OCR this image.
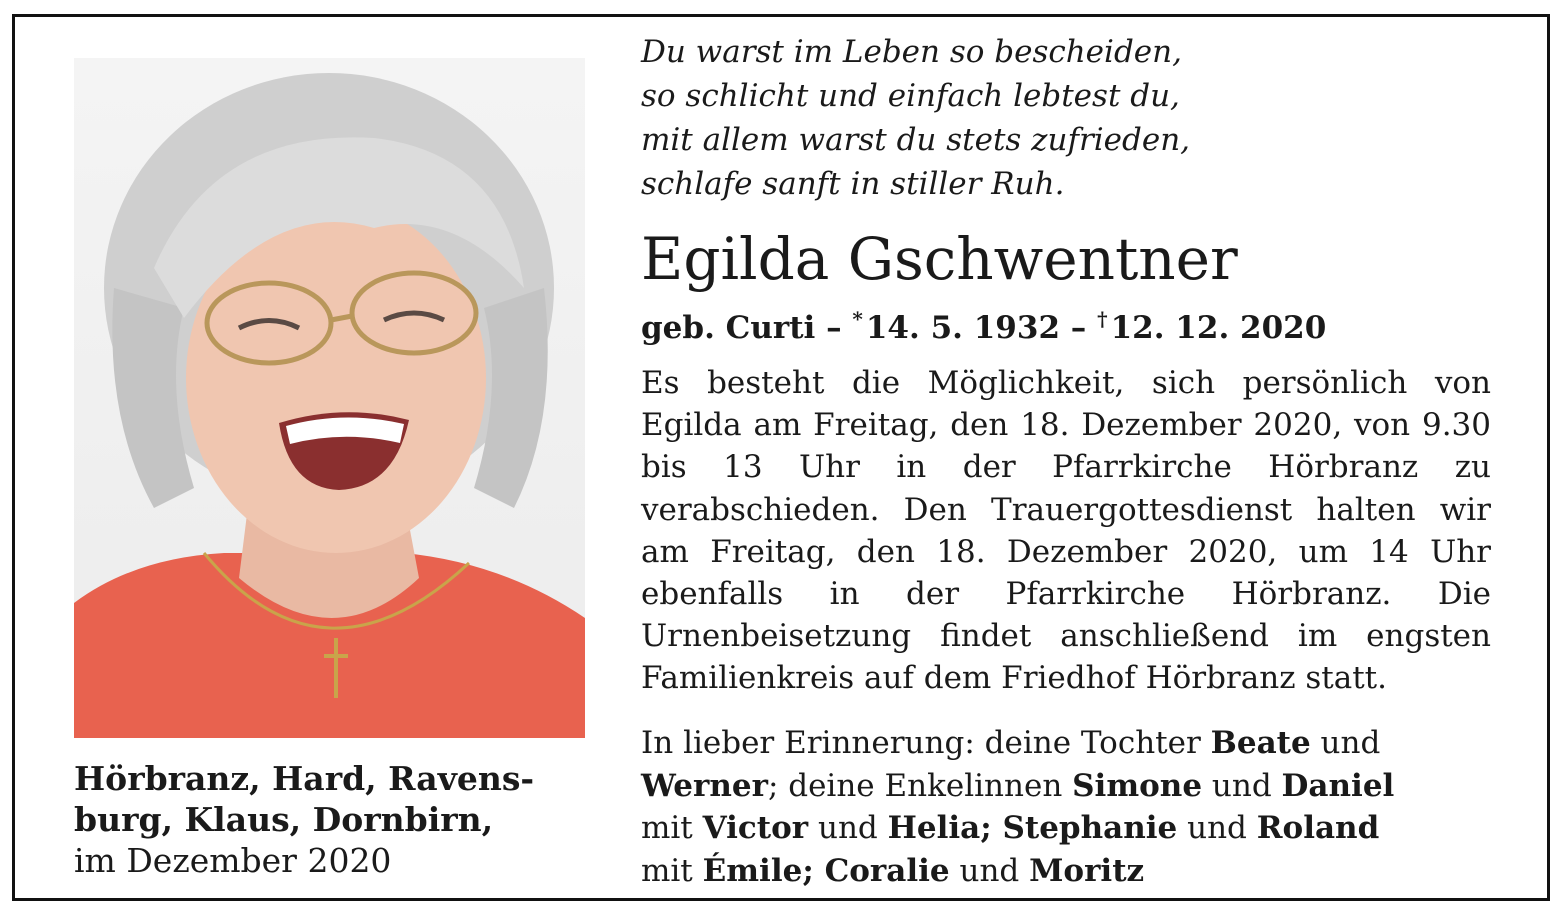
Hörbranz, Hard, Ravens-
burg, Klaus, Dornbirn,
im Dezember 2020
Du warst im Leben so bescheiden,
so schlicht und einfach lebtest du,
mit allem warst du stets zufrieden,
schlafe sanft in stiller Ruh.
Egilda Gschwentner
geb. Curti – *14. 5. 1932 – †12. 12. 2020

Es besteht die Möglichkeit, sich persönlich von Egilda am Freitag, den 18. Dezember 2020, von 9.30 bis 13 Uhr in der Pfarrkirche Hörbranz zu verabschieden. Den Trauergottesdienst halten wir am Freitag, den 18. Dezember 2020, um 14 Uhr ebenfalls in der Pfarrkirche Hörbranz. Die Urnenbeisetzung findet anschließend im engsten Familienkreis auf dem Friedhof Hörbranz statt.

In lieber Erinnerung: deine Tochter Beate und
Werner; deine Enkelinnen Simone und Daniel
mit Victor und Helia; Stephanie und Roland
mit Émile; Coralie und Moritz
